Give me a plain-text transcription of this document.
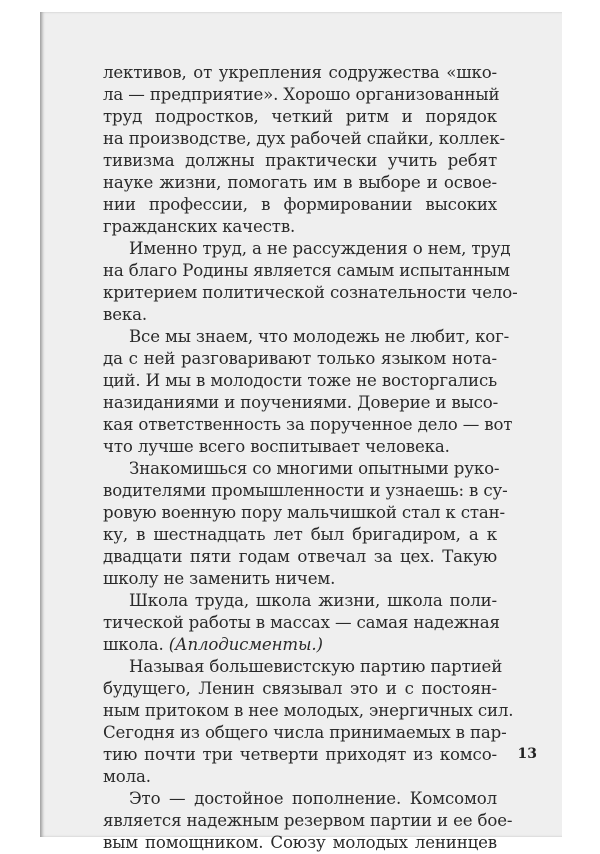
лективов, от укрепления содружества «шко-
ла — предприятие». Хорошо организованный
труд подростков, четкий ритм и порядок
на производстве, дух рабочей спайки, коллек-
тивизма должны практически учить ребят
науке жизни, помогать им в выборе и освое-
нии профессии, в формировании высоких
гражданских качеств.
Именно труд, а не рассуждения о нем, труд
на благо Родины является самым испытанным
критерием политической сознательности чело-
века.
Все мы знаем, что молодежь не любит, ког-
да с ней разговаривают только языком нота-
ций. И мы в молодости тоже не восторгались
назиданиями и поучениями. Доверие и высо-
кая ответственность за порученное дело — вот
что лучше всего воспитывает человека.
Знакомишься со многими опытными руко-
водителями промышленности и узнаешь: в су-
ровую военную пору мальчишкой стал к стан-
ку, в шестнадцать лет был бригадиром, а к
двадцати пяти годам отвечал за цех. Такую
школу не заменить ничем.
Школа труда, школа жизни, школа поли-
тической работы в массах — самая надежная
школа. (Аплодисменты.)
Называя большевистскую партию партией
будущего, Ленин связывал это и с постоян-
ным притоком в нее молодых, энергичных сил.
Сегодня из общего числа принимаемых в пар-
тию почти три четверти приходят из комсо-
мола.
Это — достойное пополнение. Комсомол
является надежным резервом партии и ее бое-
вым помощником. Союзу молодых ленинцев
13
